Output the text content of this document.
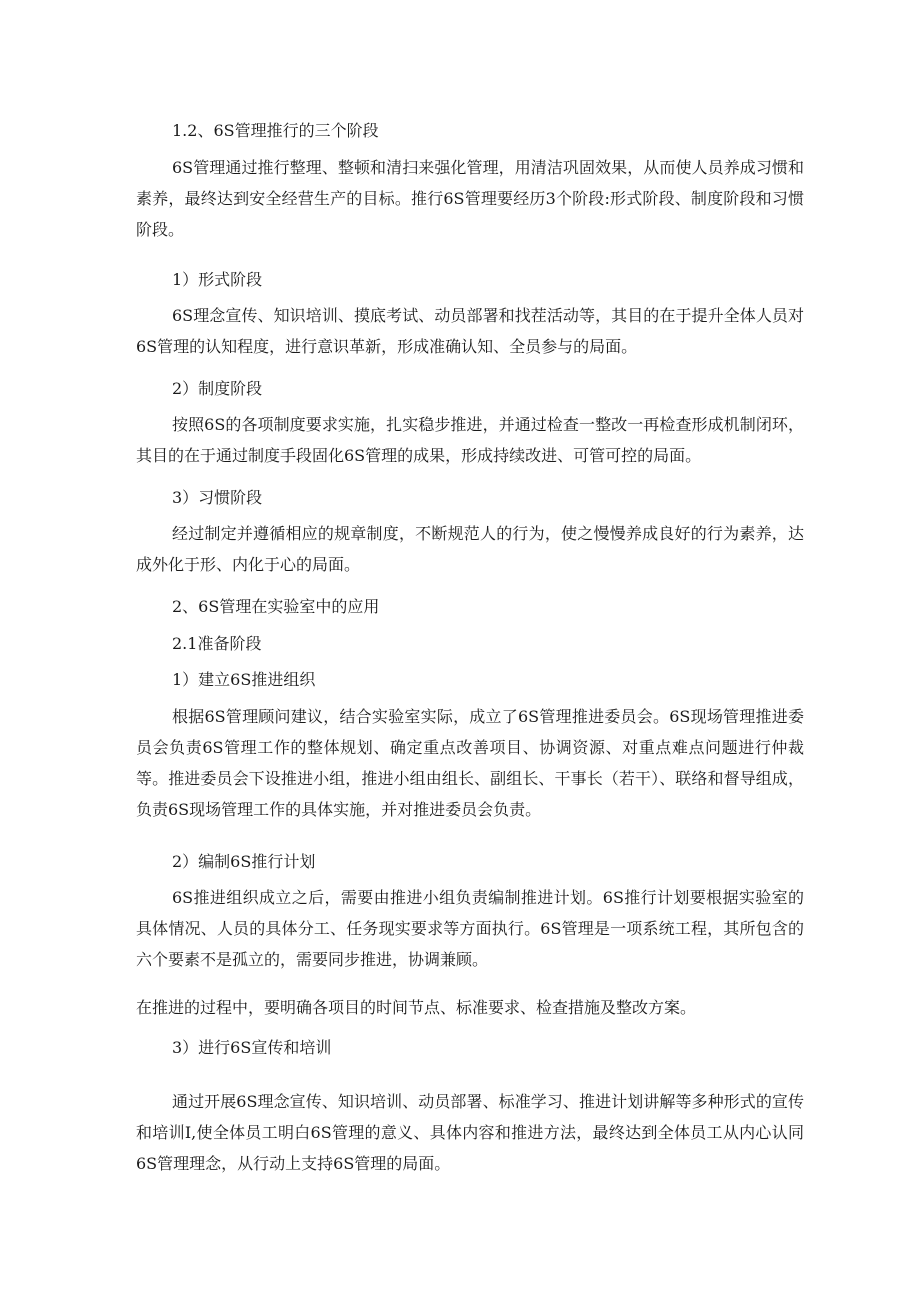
1.2、6S管理推行的三个阶段

6S管理通过推行整理、整顿和清扫来强化管理，用清洁巩固效果，从而使人员养成习惯和素养，最终达到安全经营生产的目标。推行6S管理要经历3个阶段:形式阶段、制度阶段和习惯阶段。

1）形式阶段

6S理念宣传、知识培训、摸底考试、动员部署和找茬活动等，其目的在于提升全体人员对6S管理的认知程度，进行意识革新，形成准确认知、全员参与的局面。

2）制度阶段

按照6S的各项制度要求实施，扎实稳步推进，并通过检查一整改一再检查形成机制闭环，其目的在于通过制度手段固化6S管理的成果，形成持续改进、可管可控的局面。

3）习惯阶段

经过制定并遵循相应的规章制度，不断规范人的行为，使之慢慢养成良好的行为素养，达成外化于形、内化于心的局面。

2、6S管理在实验室中的应用

2.1准备阶段

1）建立6S推进组织

根据6S管理顾问建议，结合实验室实际，成立了6S管理推进委员会。6S现场管理推进委员会负责6S管理工作的整体规划、确定重点改善项目、协调资源、对重点难点问题进行仲裁等。推进委员会下设推进小组，推进小组由组长、副组长、干事长（若干）、联络和督导组成，负责6S现场管理工作的具体实施，并对推进委员会负责。

2）编制6S推行计划

6S推进组织成立之后，需要由推进小组负责编制推进计划。6S推行计划要根据实验室的具体情况、人员的具体分工、任务现实要求等方面执行。6S管理是一项系统工程，其所包含的六个要素不是孤立的，需要同步推进，协调兼顾。

在推进的过程中，要明确各项目的时间节点、标准要求、检查措施及整改方案。

3）进行6S宣传和培训

通过开展6S理念宣传、知识培训、动员部署、标准学习、推进计划讲解等多种形式的宣传和培训I,使全体员工明白6S管理的意义、具体内容和推进方法，最终达到全体员工从内心认同6S管理理念，从行动上支持6S管理的局面。
